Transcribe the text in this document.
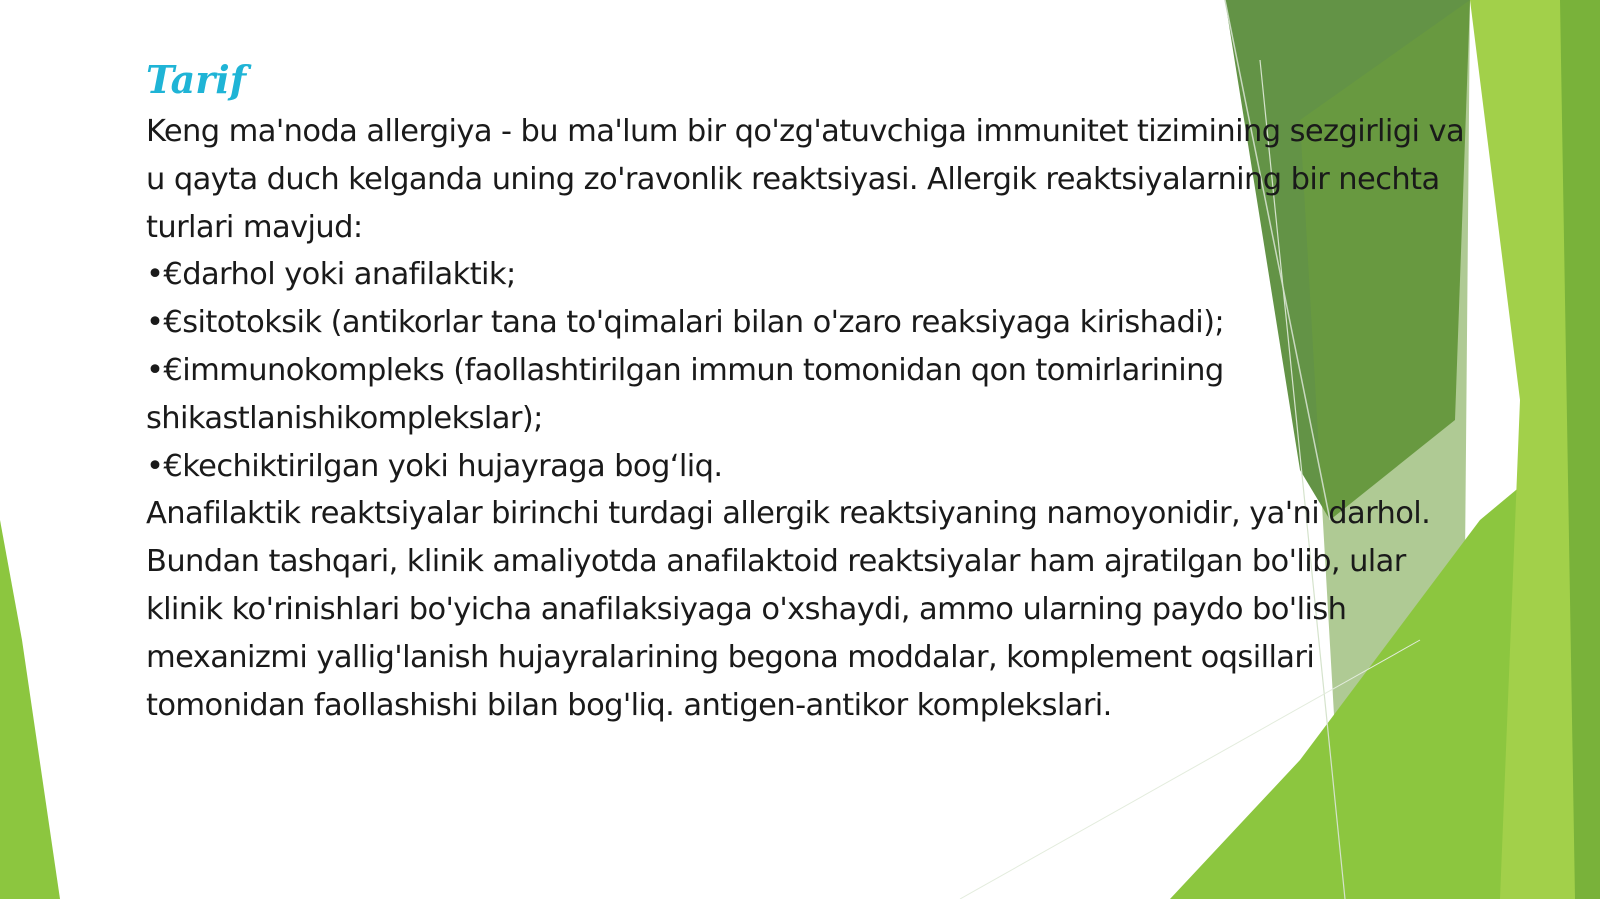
Tarif

Keng ma'noda allergiya - bu ma'lum bir qo'zg'atuvchiga immunitet tizimining sezgirligi va u qayta duch kelganda uning zo'ravonlik reaktsiyasi. Allergik reaktsiyalarning bir nechta turlari mavjud:

•€darhol yoki anafilaktik;

•€sitotoksik (antikorlar tana to'qimalari bilan o'zaro reaksiyaga kirishadi);

•€immunokompleks (faollashtirilgan immun tomonidan qon tomirlarining shikastlanishikomplekslar);

•€kechiktirilgan yoki hujayraga bog‘liq.

Anafilaktik reaktsiyalar birinchi turdagi allergik reaktsiyaning namoyonidir, ya'ni darhol.

Bundan tashqari, klinik amaliyotda anafilaktoid reaktsiyalar ham ajratilgan bo'lib, ular klinik ko'rinishlari bo'yicha anafilaksiyaga o'xshaydi, ammo ularning paydo bo'lish mexanizmi yallig'lanish hujayralarining begona moddalar, komplement oqsillari tomonidan faollashishi bilan bog'liq. antigen-antikor komplekslari.
